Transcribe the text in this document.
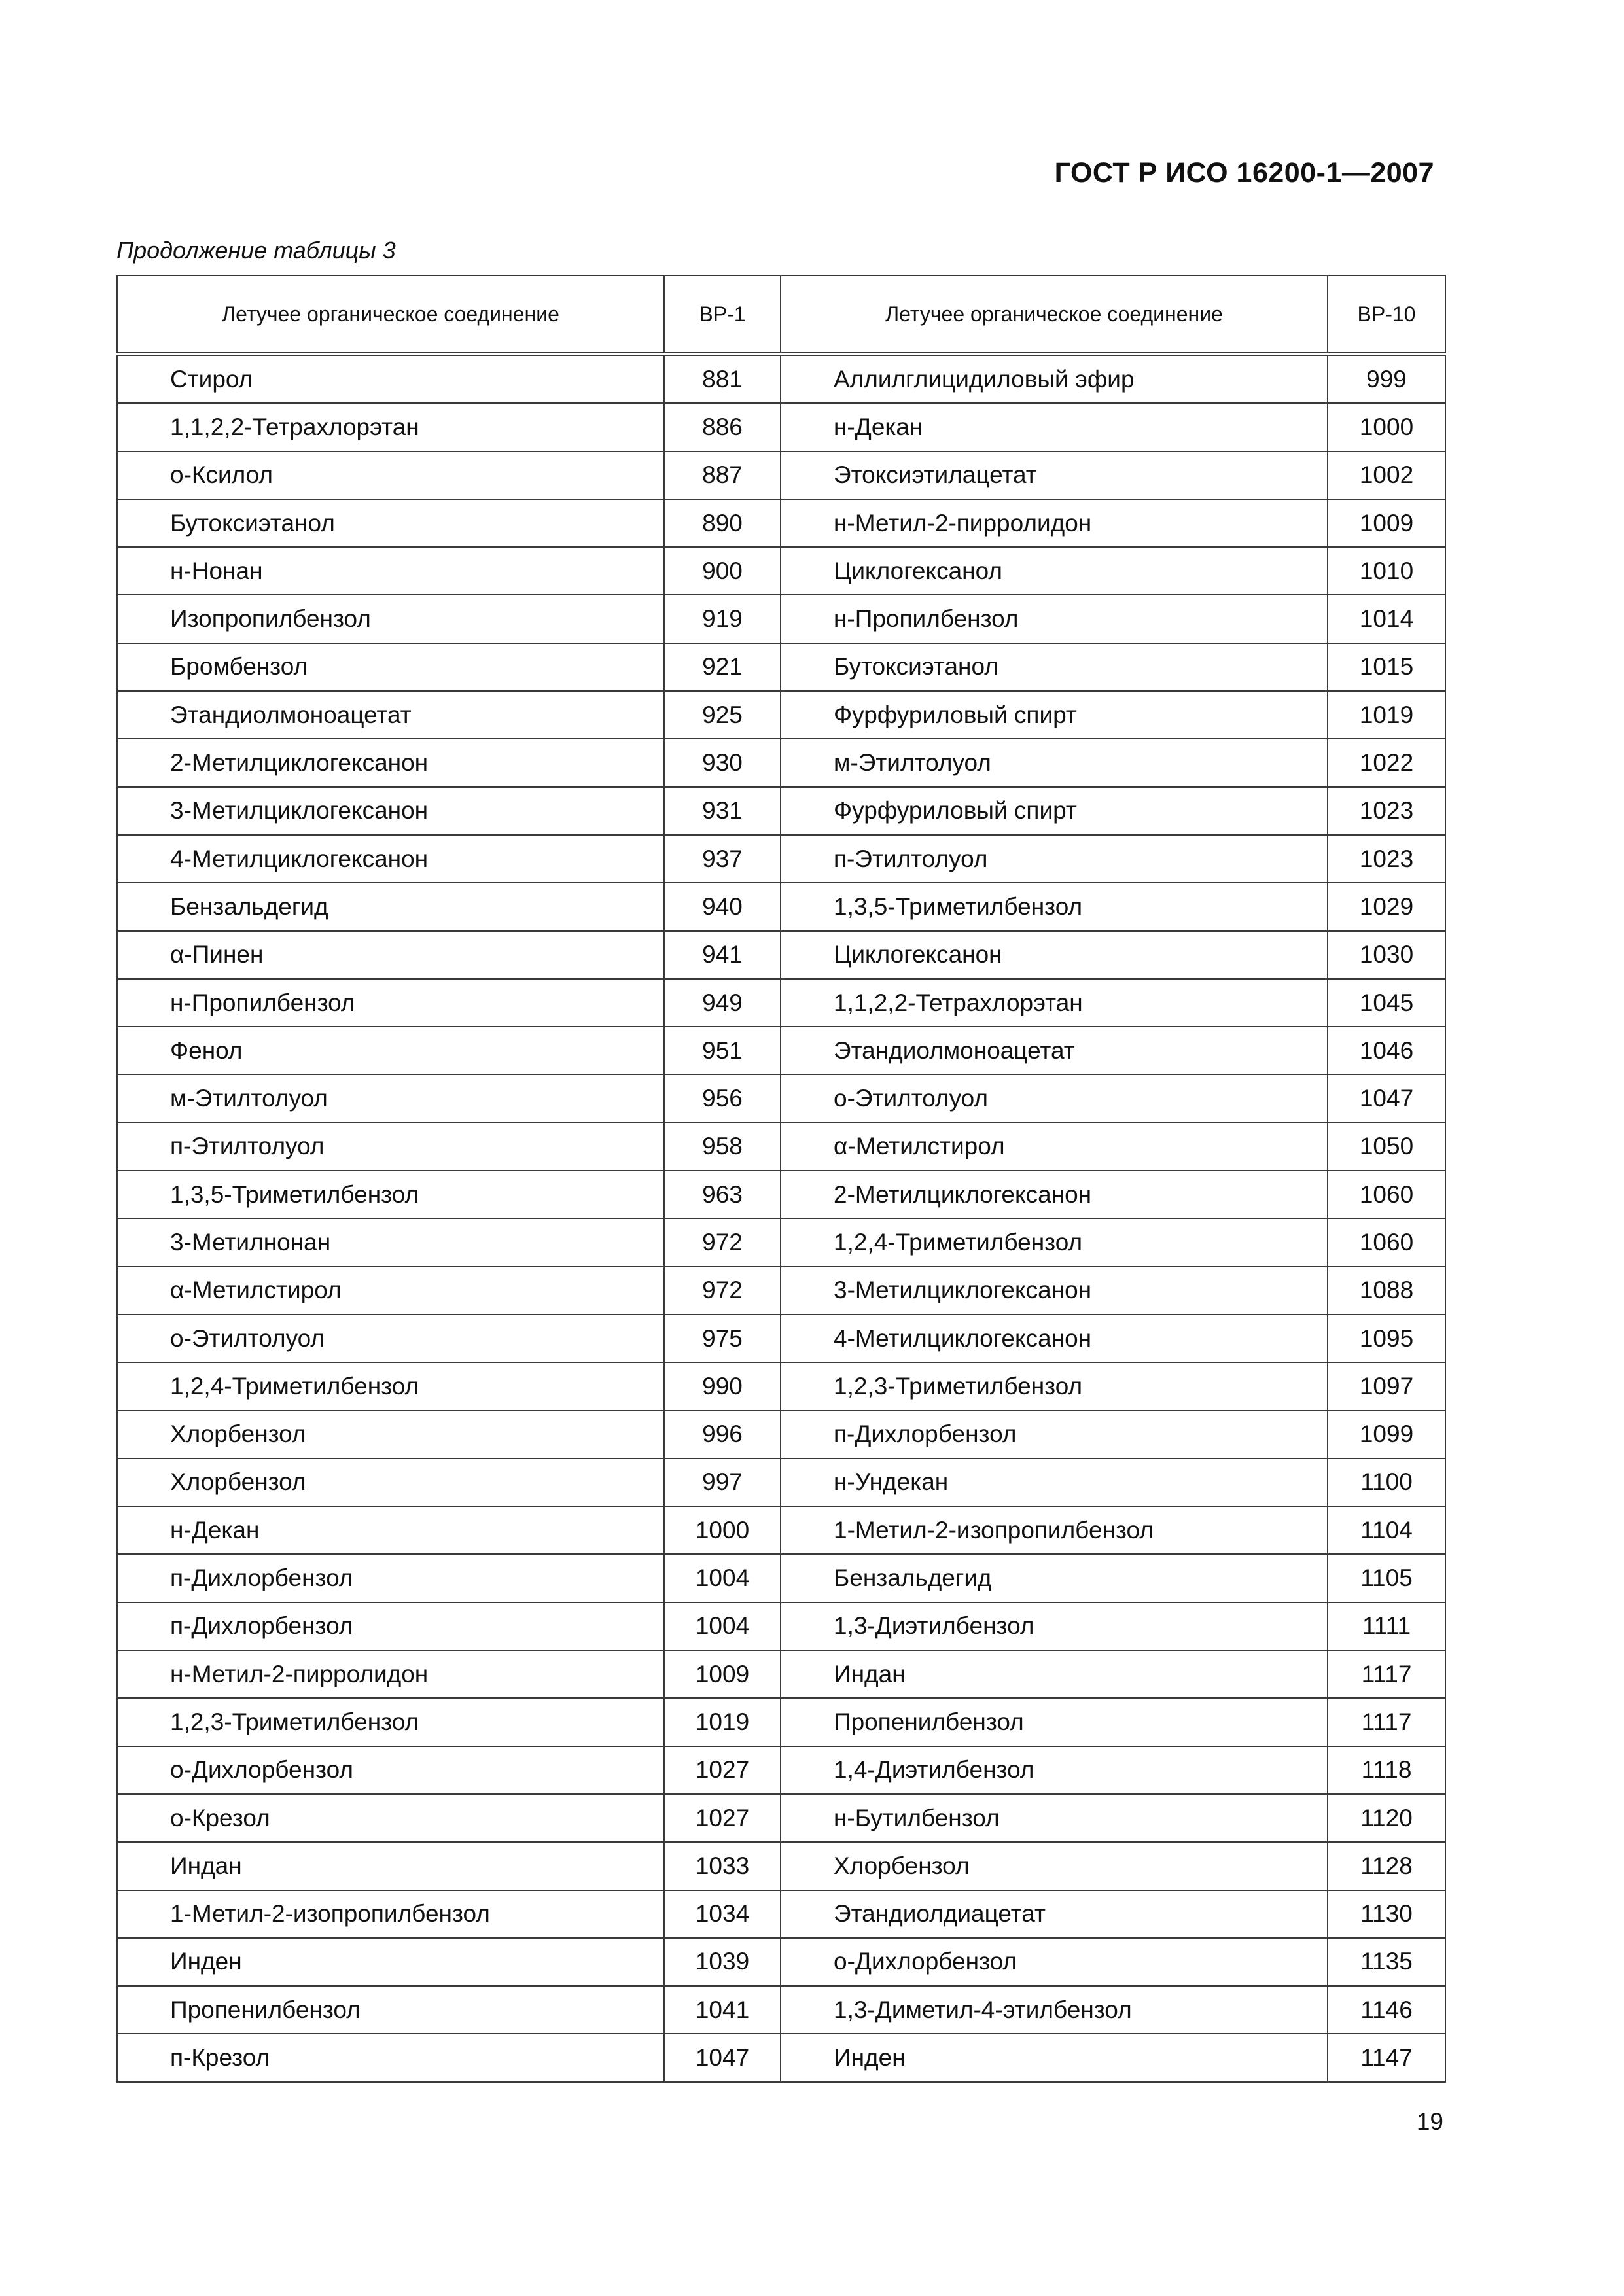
ГОСТ Р ИСО 16200-1—2007
Продолжение таблицы 3
Летучее органическое соединение	BP-1	Летучее органическое соединение	BP-10
Стирол	881	Аллилглицидиловый эфир	999
1,1,2,2-Тетрахлорэтан	886	н-Декан	1000
о-Ксилол	887	Этоксиэтилацетат	1002
Бутоксиэтанол	890	н-Метил-2-пирролидон	1009
н-Нонан	900	Циклогексанол	1010
Изопропилбензол	919	н-Пропилбензол	1014
Бромбензол	921	Бутоксиэтанол	1015
Этандиолмоноацетат	925	Фурфуриловый спирт	1019
2-Метилциклогексанон	930	м-Этилтолуол	1022
3-Метилциклогексанон	931	Фурфуриловый спирт	1023
4-Метилциклогексанон	937	п-Этилтолуол	1023
Бензальдегид	940	1,3,5-Триметилбензол	1029
α-Пинен	941	Циклогексанон	1030
н-Пропилбензол	949	1,1,2,2-Тетрахлорэтан	1045
Фенол	951	Этандиолмоноацетат	1046
м-Этилтолуол	956	о-Этилтолуол	1047
п-Этилтолуол	958	α-Метилстирол	1050
1,3,5-Триметилбензол	963	2-Метилциклогексанон	1060
3-Метилнонан	972	1,2,4-Триметилбензол	1060
α-Метилстирол	972	3-Метилциклогексанон	1088
о-Этилтолуол	975	4-Метилциклогексанон	1095
1,2,4-Триметилбензол	990	1,2,3-Триметилбензол	1097
Хлорбензол	996	п-Дихлорбензол	1099
Хлорбензол	997	н-Ундекан	1100
н-Декан	1000	1-Метил-2-изопропилбензол	1104
п-Дихлорбензол	1004	Бензальдегид	1105
п-Дихлорбензол	1004	1,3-Диэтилбензол	1111
н-Метил-2-пирролидон	1009	Индан	1117
1,2,3-Триметилбензол	1019	Пропенилбензол	1117
о-Дихлорбензол	1027	1,4-Диэтилбензол	1118
о-Крезол	1027	н-Бутилбензол	1120
Индан	1033	Хлорбензол	1128
1-Метил-2-изопропилбензол	1034	Этандиолдиацетат	1130
Инден	1039	о-Дихлорбензол	1135
Пропенилбензол	1041	1,3-Диметил-4-этилбензол	1146
п-Крезол	1047	Инден	1147
19
